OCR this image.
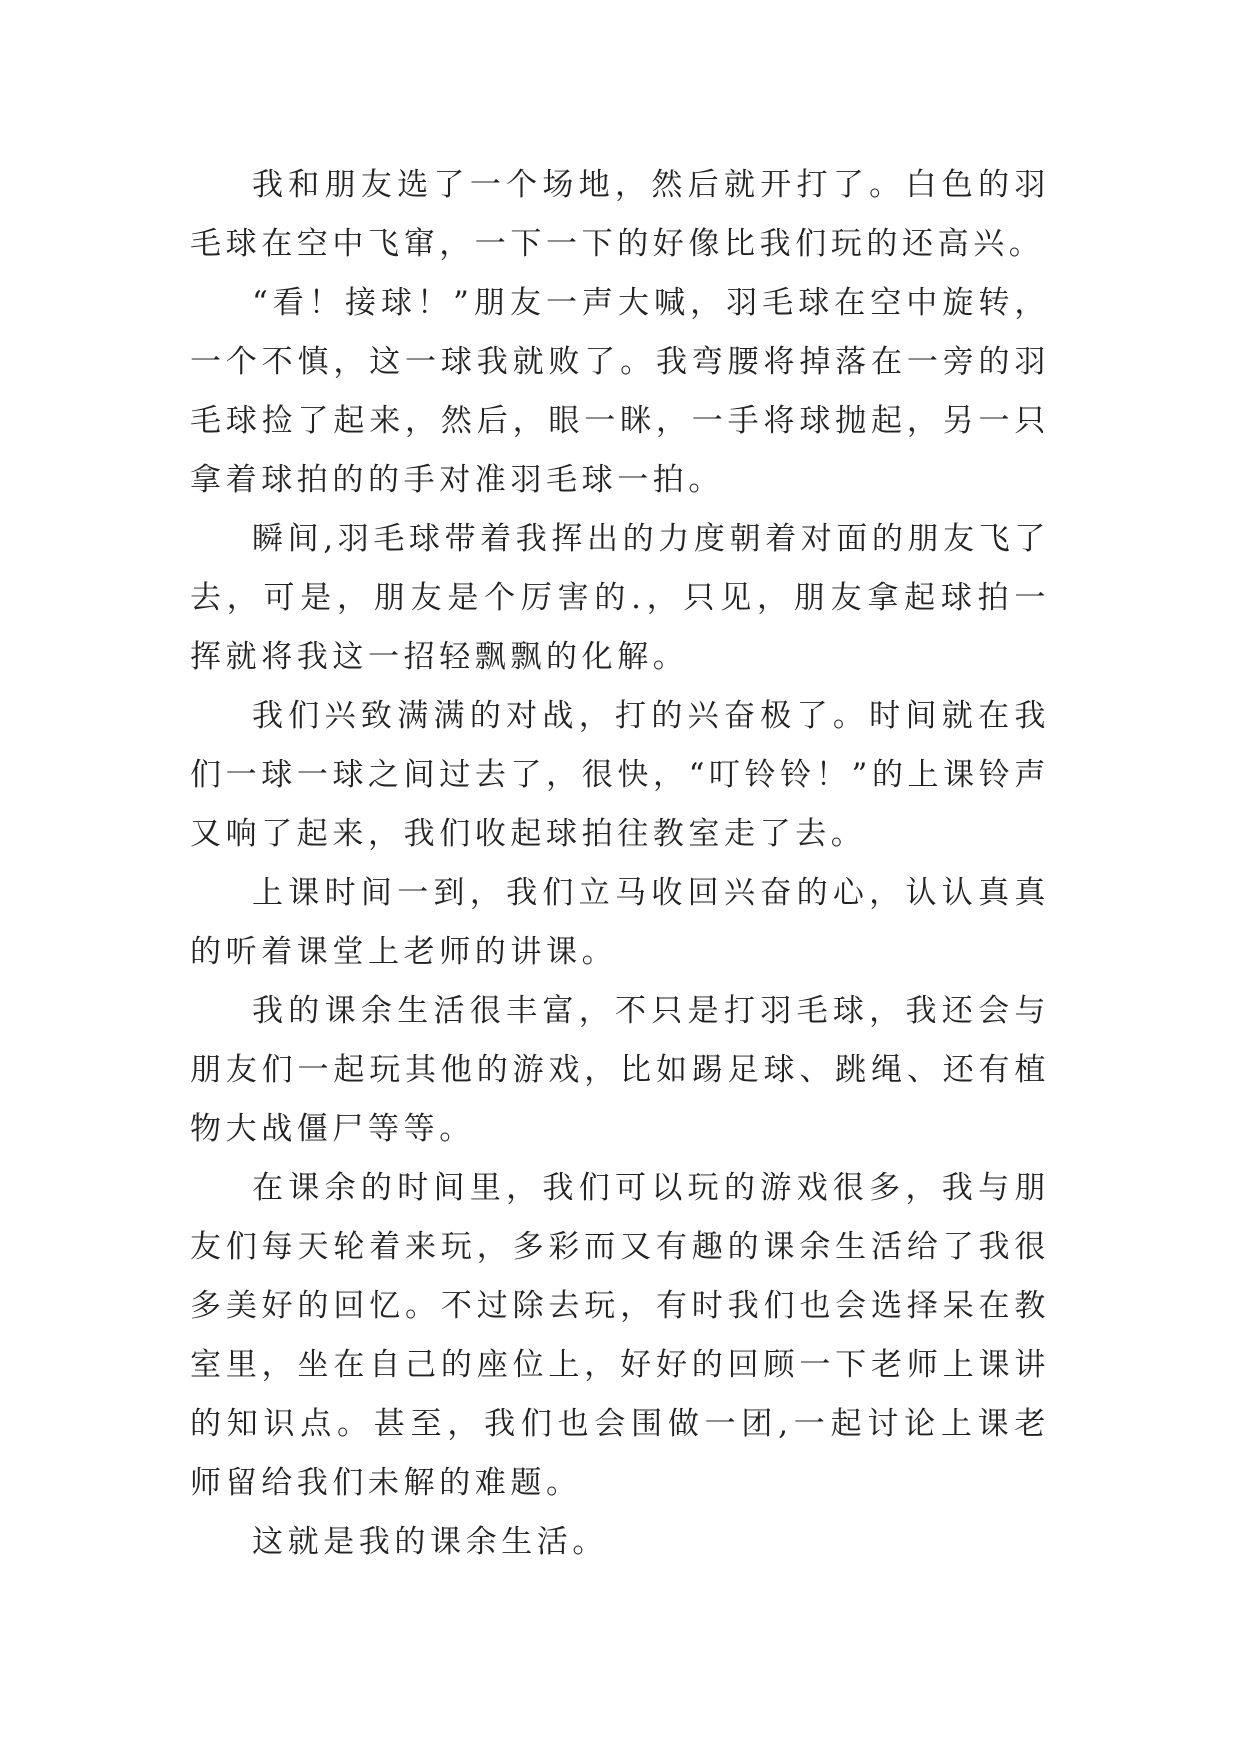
我和朋友选了一个场地，然后就开打了。白色的羽毛球在空中飞窜，一下一下的好像比我们玩的还高兴。

“看！接球！”朋友一声大喊，羽毛球在空中旋转，一个不慎，这一球我就败了。我弯腰将掉落在一旁的羽毛球捡了起来，然后，眼一眯，一手将球抛起，另一只拿着球拍的的手对准羽毛球一拍。

瞬间,羽毛球带着我挥出的力度朝着对面的朋友飞了去，可是，朋友是个厉害的.，只见，朋友拿起球拍一挥就将我这一招轻飘飘的化解。

我们兴致满满的对战，打的兴奋极了。时间就在我们一球一球之间过去了，很快，“叮铃铃！”的上课铃声又响了起来，我们收起球拍往教室走了去。

上课时间一到，我们立马收回兴奋的心，认认真真的听着课堂上老师的讲课。

我的课余生活很丰富，不只是打羽毛球，我还会与朋友们一起玩其他的游戏，比如踢足球、跳绳、还有植物大战僵尸等等。

在课余的时间里，我们可以玩的游戏很多，我与朋友们每天轮着来玩，多彩而又有趣的课余生活给了我很多美好的回忆。不过除去玩，有时我们也会选择呆在教室里，坐在自己的座位上，好好的回顾一下老师上课讲的知识点。甚至，我们也会围做一团,一起讨论上课老师留给我们未解的难题。

这就是我的课余生活。
